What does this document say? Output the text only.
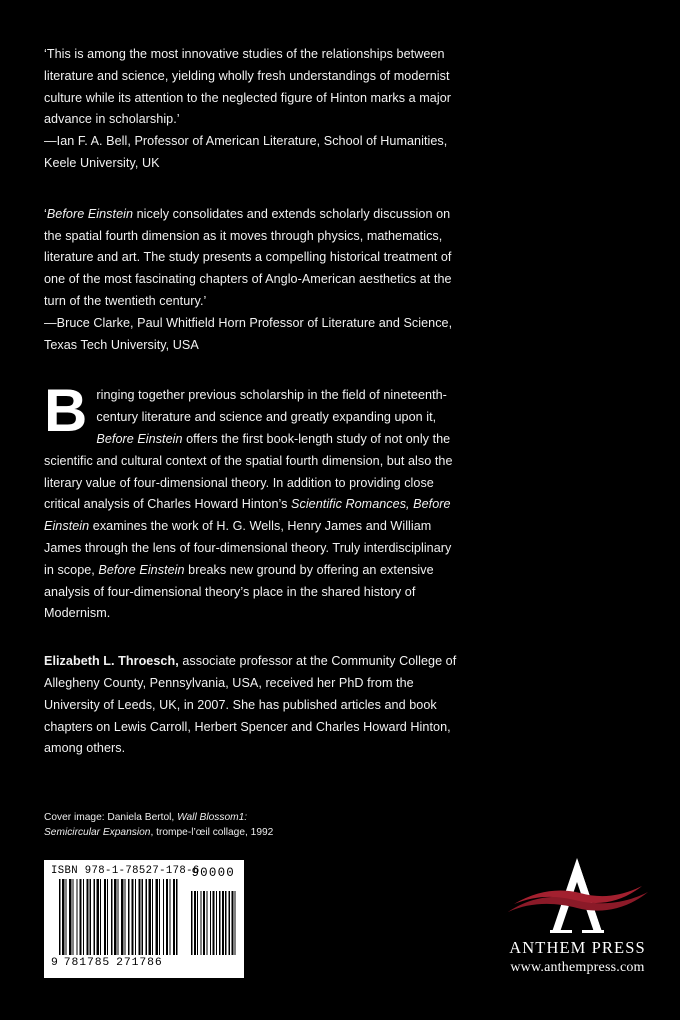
‘This is among the most innovative studies of the relationships between literature and science, yielding wholly fresh understandings of modernist culture while its attention to the neglected figure of Hinton marks a major advance in scholarship.’
—Ian F. A. Bell, Professor of American Literature, School of Humanities, Keele University, UK

‘Before Einstein nicely consolidates and extends scholarly discussion on the spatial fourth dimension as it moves through physics, mathematics, literature and art. The study presents a compelling historical treatment of one of the most fascinating chapters of Anglo-American aesthetics at the turn of the twentieth century.’
—Bruce Clarke, Paul Whitfield Horn Professor of Literature and Science, Texas Tech University, USA

Bringing together previous scholarship in the field of nineteenth-century literature and science and greatly expanding upon it, Before Einstein offers the first book-length study of not only the scientific and cultural context of the spatial fourth dimension, but also the literary value of four-dimensional theory. In addition to providing close critical analysis of Charles Howard Hinton’s Scientific Romances, Before Einstein examines the work of H. G. Wells, Henry James and William James through the lens of four-dimensional theory. Truly interdisciplinary in scope, Before Einstein breaks new ground by offering an extensive analysis of four-dimensional theory’s place in the shared history of Modernism.

Elizabeth L. Throesch, associate professor at the Community College of Allegheny County, Pennsylvania, USA, received her PhD from the University of Leeds, UK, in 2007. She has published articles and book chapters on Lewis Carroll, Herbert Spencer and Charles Howard Hinton, among others.

Cover image: Daniela Bertol, Wall Blossom1: Semicircular Expansion, trompe-l’œil collage, 1992
ISBN 978-1-78527-178-6
90000
9 781785 271786
ANTHEM PRESS
www.anthempress.com
